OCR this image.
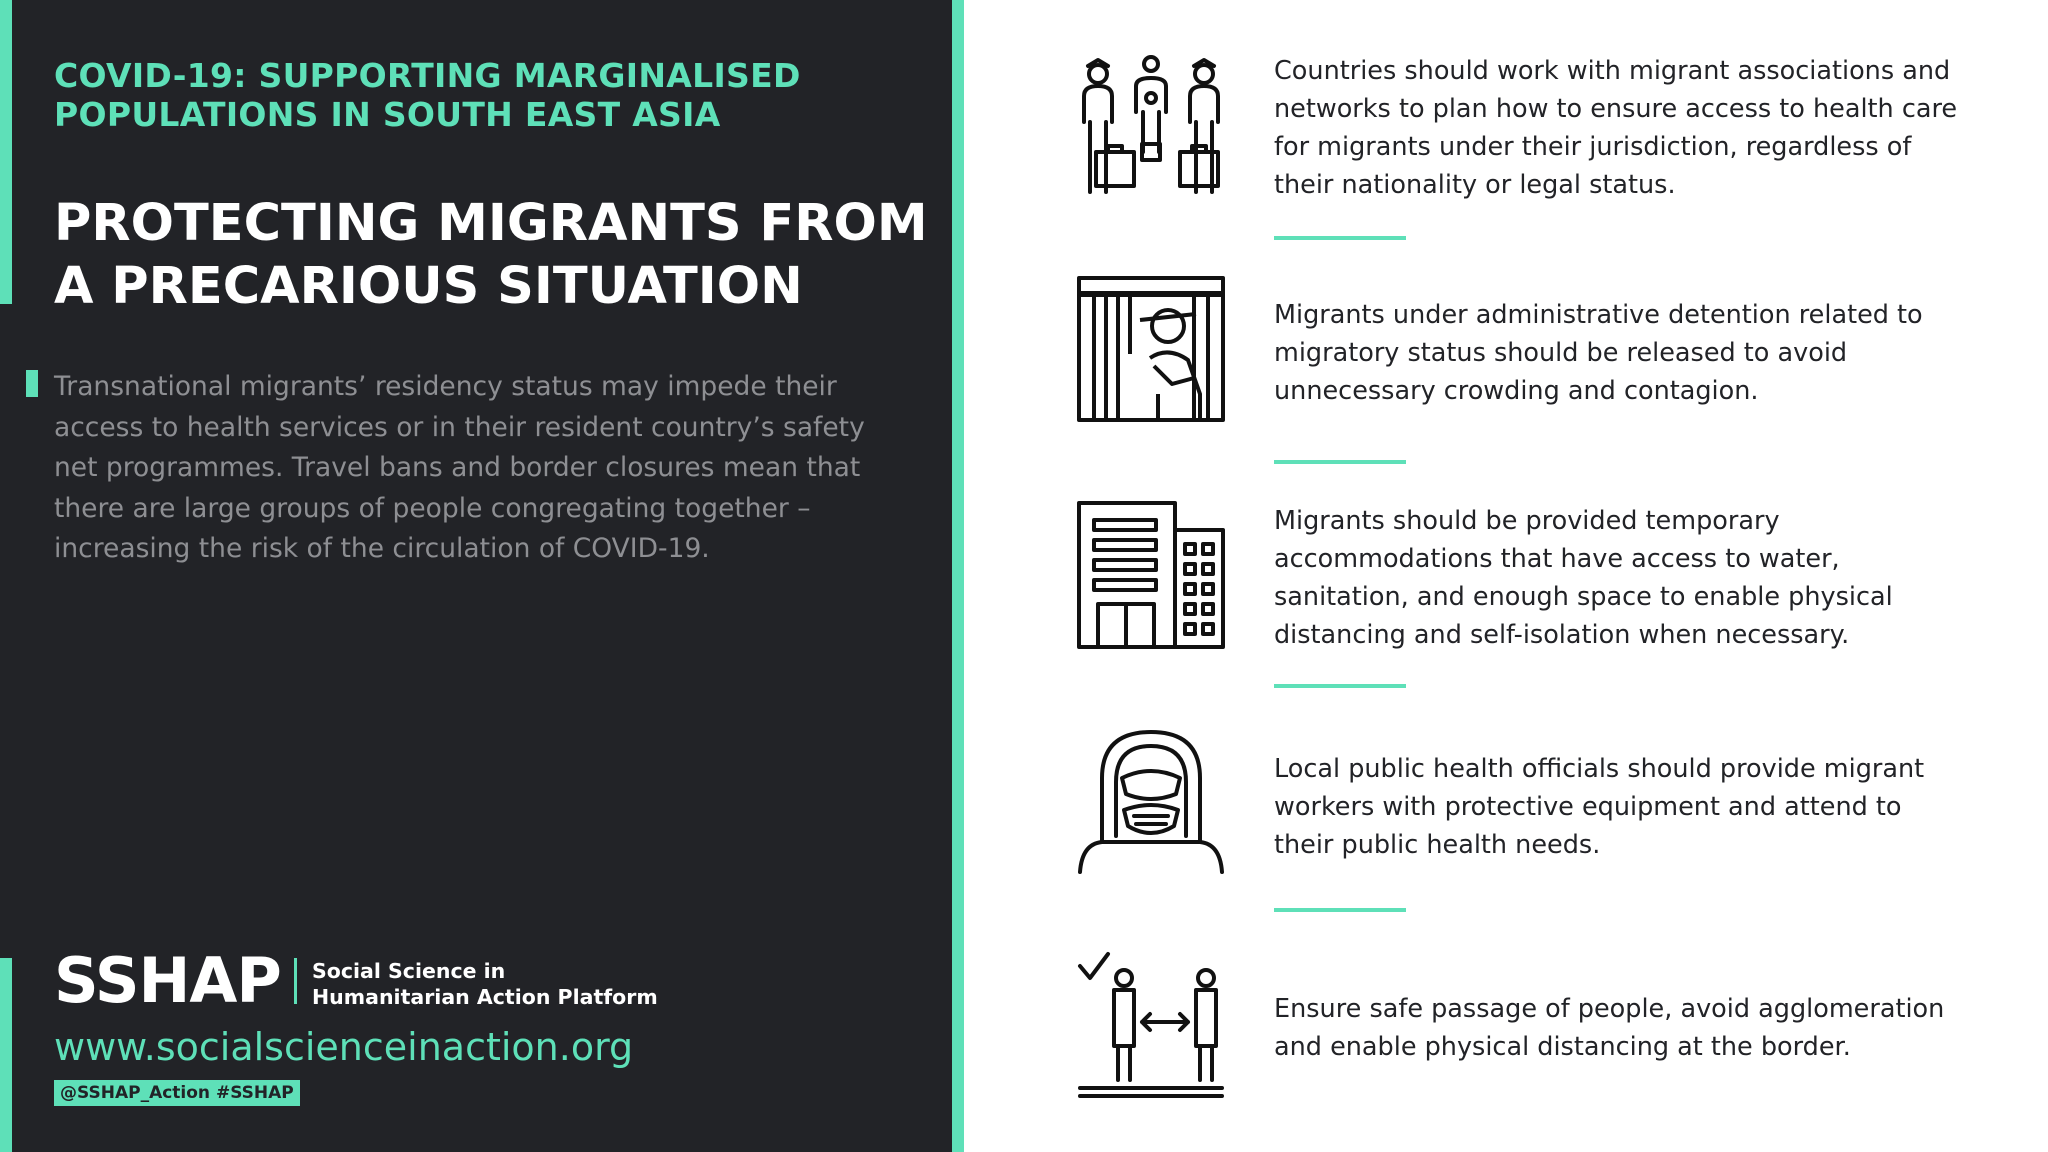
COVID-19: SUPPORTING MARGINALISED POPULATIONS IN SOUTH EAST ASIA
PROTECTING MIGRANTS FROM A PRECARIOUS SITUATION
Transnational migrants’ residency status may impede their access to health services or in their resident country’s safety net programmes. Travel bans and border closures mean that there are large groups of people congregating together – increasing the risk of the circulation of COVID-19.
SSHAP Social Science in
Humanitarian Action Platform
www.socialscienceinaction.org
@SSHAP_Action #SSHAP
Countries should work with migrant associations and networks to plan how to ensure access to health care for migrants under their jurisdiction, regardless of their nationality or legal status.
Migrants under administrative detention related to migratory status should be released to avoid unnecessary crowding and contagion.
Migrants should be provided temporary accommodations that have access to water, sanitation, and enough space to enable physical distancing and self-isolation when necessary.
Local public health officials should provide migrant workers with protective equipment and attend to their public health needs.
Ensure safe passage of people, avoid agglomeration and enable physical distancing at the border.
